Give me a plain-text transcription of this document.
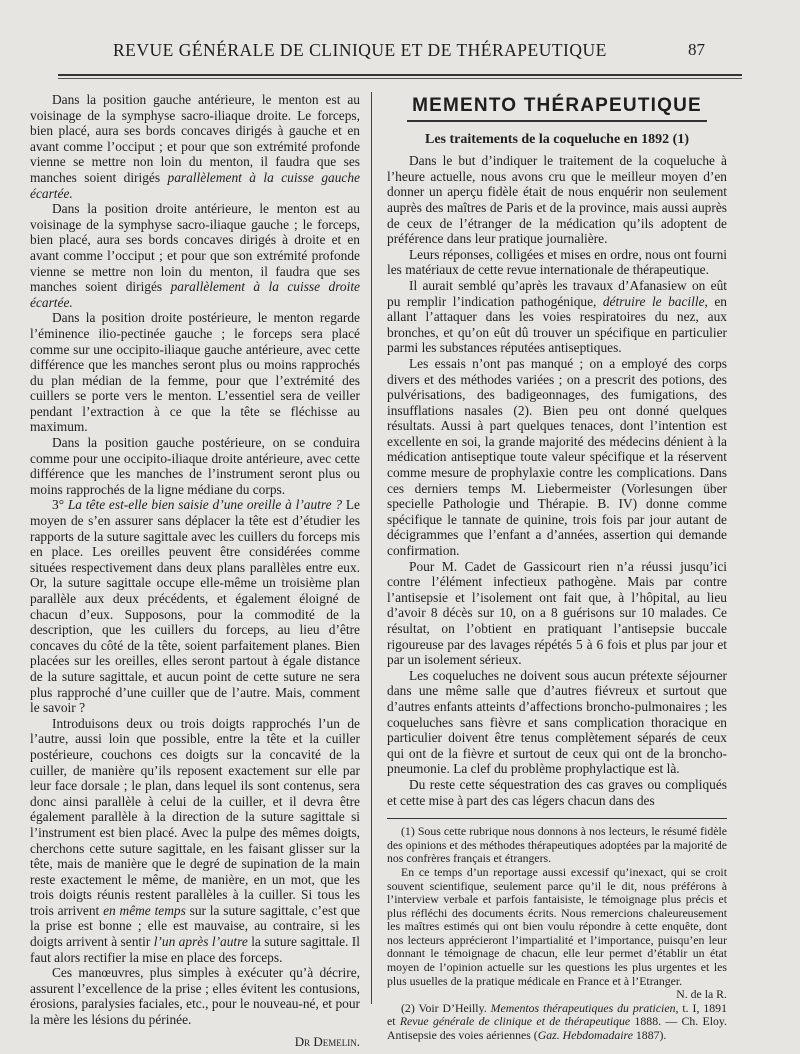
REVUE GÉNÉRALE DE CLINIQUE ET DE THÉRAPEUTIQUE	87

Dans la position gauche antérieure, le menton est au voisinage de la symphyse sacro-iliaque droite. Le forceps, bien placé, aura ses bords concaves dirigés à gauche et en avant comme l’occiput ; et pour que son extrémité profonde vienne se mettre non loin du menton, il faudra que ses manches soient dirigés parallèlement à la cuisse gauche écartée.

Dans la position droite antérieure, le menton est au voisinage de la symphyse sacro-iliaque gauche ; le forceps, bien placé, aura ses bords concaves dirigés à droite et en avant comme l’occiput ; et pour que son extrémité profonde vienne se mettre non loin du menton, il faudra que ses manches soient dirigés parallèlement à la cuisse droite écartée.

Dans la position droite postérieure, le menton regarde l’éminence ilio-pectinée gauche ; le forceps sera placé comme sur une occipito-iliaque gauche antérieure, avec cette différence que les manches seront plus ou moins rapprochés du plan médian de la femme, pour que l’extrémité des cuillers se porte vers le menton. L’essentiel sera de veiller pendant l’extraction à ce que la tête se fléchisse au maximum.

Dans la position gauche postérieure, on se conduira comme pour une occipito-iliaque droite antérieure, avec cette différence que les manches de l’instrument seront plus ou moins rapprochés de la ligne médiane du corps.

3° La tête est-elle bien saisie d’une oreille à l’autre ? Le moyen de s’en assurer sans déplacer la tête est d’étudier les rapports de la suture sagittale avec les cuillers du forceps mis en place. Les oreilles peuvent être considérées comme situées respectivement dans deux plans parallèles entre eux. Or, la suture sagittale occupe elle-même un troisième plan parallèle aux deux précédents, et également éloigné de chacun d’eux. Supposons, pour la commodité de la description, que les cuillers du forceps, au lieu d’être concaves du côté de la tête, soient parfaitement planes. Bien placées sur les oreilles, elles seront partout à égale distance de la suture sagittale, et aucun point de cette suture ne sera plus rapproché d’une cuiller que de l’autre. Mais, comment le savoir ?

Introduisons deux ou trois doigts rapprochés l’un de l’autre, aussi loin que possible, entre la tête et la cuiller postérieure, couchons ces doigts sur la concavité de la cuiller, de manière qu’ils reposent exactement sur elle par leur face dorsale ; le plan, dans lequel ils sont contenus, sera donc ainsi parallèle à celui de la cuiller, et il devra être également parallèle à la direction de la suture sagittale si l’instrument est bien placé. Avec la pulpe des mêmes doigts, cherchons cette suture sagittale, en les faisant glisser sur la tête, mais de manière que le degré de supination de la main reste exactement le même, de manière, en un mot, que les trois doigts réunis restent parallèles à la cuiller. Si tous les trois arrivent en même temps sur la suture sagittale, c’est que la prise est bonne ; elle est mauvaise, au contraire, si les doigts arrivent à sentir l’un après l’autre la suture sagittale. Il faut alors rectifier la mise en place des forceps.

Ces manœuvres, plus simples à exécuter qu’à décrire, assurent l’excellence de la prise ; elles évitent les contusions, érosions, paralysies faciales, etc., pour le nouveau-né, et pour la mère les lésions du périnée.

Dr Demelin.
MEMENTO THÉRAPEUTIQUE
Les traitements de la coqueluche en 1892 (1)

Dans le but d’indiquer le traitement de la coqueluche à l’heure actuelle, nous avons cru que le meilleur moyen d’en donner un aperçu fidèle était de nous enquérir non seulement auprès des maîtres de Paris et de la province, mais aussi auprès de ceux de l’étranger de la médication qu’ils adoptent de préférence dans leur pratique journalière.

Leurs réponses, colligées et mises en ordre, nous ont fourni les matériaux de cette revue internationale de thérapeutique.

Il aurait semblé qu’après les travaux d’Afanasiew on eût pu remplir l’indication pathogénique, détruire le bacille, en allant l’attaquer dans les voies respiratoires du nez, aux bronches, et qu’on eût dû trouver un spécifique en particulier parmi les substances réputées antiseptiques.

Les essais n’ont pas manqué ; on a employé des corps divers et des méthodes variées ; on a prescrit des potions, des pulvérisations, des badigeonnages, des fumigations, des insufflations nasales (2). Bien peu ont donné quelques résultats. Aussi à part quelques tenaces, dont l’intention est excellente en soi, la grande majorité des médecins dénient à la médication antiseptique toute valeur spécifique et la réservent comme mesure de prophylaxie contre les complications. Dans ces derniers temps M. Liebermeister (Vorlesungen über specielle Pathologie und Thérapie. B. IV) donne comme spécifique le tannate de quinine, trois fois par jour autant de décigrammes que l’enfant a d’années, assertion qui demande confirmation.

Pour M. Cadet de Gassicourt rien n’a réussi jusqu’ici contre l’élément infectieux pathogène. Mais par contre l’antisepsie et l’isolement ont fait que, à l’hôpital, au lieu d’avoir 8 décès sur 10, on a 8 guérisons sur 10 malades. Ce résultat, on l’obtient en pratiquant l’antisepsie buccale rigoureuse par des lavages répétés 5 à 6 fois et plus par jour et par un isolement sérieux.

Les coqueluches ne doivent sous aucun prétexte séjourner dans une même salle que d’autres fiévreux et surtout que d’autres enfants atteints d’affections broncho-pulmonaires ; les coqueluches sans fièvre et sans complication thoracique en particulier doivent être tenus complètement séparés de ceux qui ont de la fièvre et surtout de ceux qui ont de la broncho-pneumonie. La clef du problème prophylactique est là.

Du reste cette séquestration des cas graves ou compliqués et cette mise à part des cas légers chacun dans des

(1) Sous cette rubrique nous donnons à nos lecteurs, le résumé fidèle des opinions et des méthodes thérapeutiques adoptées par la majorité de nos confrères français et étrangers.

En ce temps d’un reportage aussi excessif qu’inexact, qui se croit souvent scientifique, seulement parce qu’il le dit, nous préférons à l’interview verbale et parfois fantaisiste, le témoignage plus précis et plus réfléchi des documents écrits. Nous remercions chaleureusement les maîtres estimés qui ont bien voulu répondre à cette enquête, dont nos lecteurs apprécieront l’impartialité et l’importance, puisqu’en leur donnant le témoignage de chacun, elle leur permet d’établir un état moyen de l’opinion actuelle sur les questions les plus urgentes et les plus usuelles de la pratique médicale en France et à l’Etranger.

N. de la R.

(2) Voir D’Heilly. Mementos thérapeutiques du praticien, t. I, 1891 et Revue générale de clinique et de thérapeutique 1888. — Ch. Eloy. Antisepsie des voies aériennes (Gaz. Hebdomadaire 1887).
